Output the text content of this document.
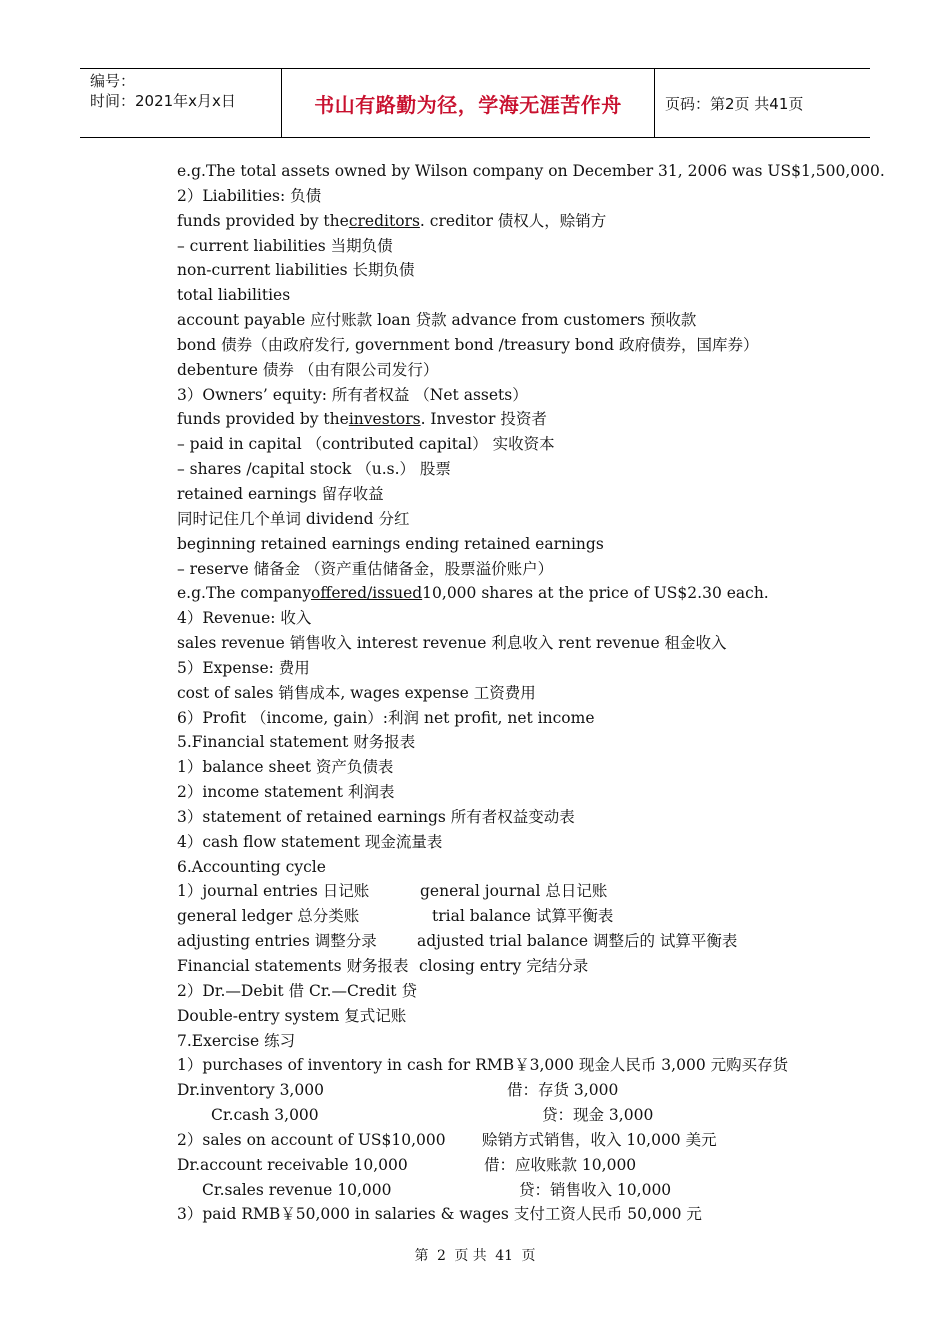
编号：
时间：2021年x月x日	书山有路勤为径，学海无涯苦作舟	页码：第2页 共41页
e.g.The total assets owned by Wilson company on December 31, 2006 was US$1,500,000.
2）Liabilities: 负债
funds provided by the creditors . creditor 债权人，赊销方
– current liabilities 当期负债
non-current liabilities 长期负债
total liabilities
account payable 应付账款 loan 贷款 advance from customers 预收款
bond 债券（由政府发行, government bond /treasury bond 政府债券，国库券）
debenture 债券 （由有限公司发行）
3）Owners’ equity: 所有者权益 （Net assets）
funds provided by the investors . Investor 投资者
– paid in capital （contributed capital） 实收资本
– shares /capital stock （u.s.） 股票
retained earnings 留存收益
同时记住几个单词 dividend 分红
beginning retained earnings ending retained earnings
– reserve 储备金 （资产重估储备金，股票溢价账户）
e.g.The company offered/issued 10,000 shares at the price of US$2.30 each.
4）Revenue: 收入
sales revenue 销售收入 interest revenue 利息收入 rent revenue 租金收入
5）Expense: 费用
cost of sales 销售成本, wages expense 工资费用
6）Profit （income, gain）:利润 net profit, net income
5.Financial statement 财务报表
1）balance sheet 资产负债表
2）income statement 利润表
3）statement of retained earnings 所有者权益变动表
4）cash flow statement 现金流量表
6.Accounting cycle
1）journal entries 日记账	general journal 总日记账
general ledger 总分类账	trial balance 试算平衡表
adjusting entries 调整分录	adjusted trial balance 调整后的 试算平衡表
Financial statements 财务报表 closing entry 完结分录
2）Dr.—Debit 借 Cr.—Credit 贷
Double-entry system 复式记账
7.Exercise 练习
1）purchases of inventory in cash for RMB￥3,000 现金人民币 3,000 元购买存货
Dr.inventory 3,000	借：存货 3,000
Cr.cash 3,000	贷：现金 3,000
2）sales on account of US$10,000 赊销方式销售，收入 10,000 美元
Dr.account receivable 10,000	借：应收账款 10,000
Cr.sales revenue 10,000	贷：销售收入 10,000
3）paid RMB￥50,000 in salaries & wages 支付工资人民币 50,000 元
第 2 页 共 41 页
